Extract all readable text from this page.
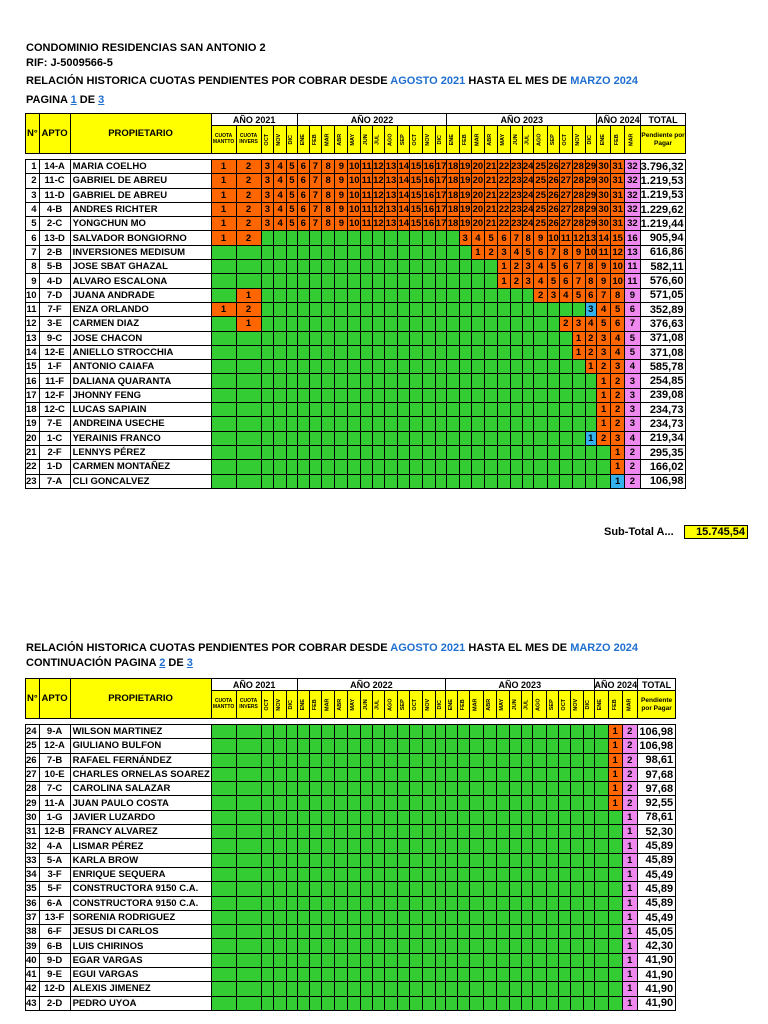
CONDOMINIO RESIDENCIAS SAN ANTONIO 2
RIF: J-5009566-5
RELACIÓN HISTORICA CUOTAS PENDIENTES POR COBRAR DESDE AGOSTO 2021 HASTA EL MES DE MARZO 2024
PAGINA 1 DE 3
N°	APTO	PROPIETARIO	AÑO 2021					AÑO 2022												AÑO 2023												AÑO 2024			TOTAL
			CUOTA MANTTO	CUOTA INVERS	OCT	NOV	DIC	ENE	FEB	MAR	ABR	MAY	JUN	JUL	AGO	SEP	OCT	NOV	DIC	ENE	FEB	MAR	ABR	MAY	JUN	JUL	AGO	SEP	OCT	NOV	DIC	ENE	FEB	MAR	Pendiente por Pagar

1	14-A	MARIA COELHO	1	2	3	4	5	6	7	8	9	10	11	12	13	14	15	16	17	18	19	20	21	22	23	24	25	26	27	28	29	30	31	32	3.796,32
2	11-C	GABRIEL DE ABREU	1	2	3	4	5	6	7	8	9	10	11	12	13	14	15	16	17	18	19	20	21	22	23	24	25	26	27	28	29	30	31	32	1.219,53
3	11-D	GABRIEL DE ABREU	1	2	3	4	5	6	7	8	9	10	11	12	13	14	15	16	17	18	19	20	21	22	23	24	25	26	27	28	29	30	31	32	1.219,53
4	4-B	ANDRES RICHTER	1	2	3	4	5	6	7	8	9	10	11	12	13	14	15	16	17	18	19	20	21	22	23	24	25	26	27	28	29	30	31	32	1.229,62
5	2-C	YONGCHUN MO	1	2	3	4	5	6	7	8	9	10	11	12	13	14	15	16	17	18	19	20	21	22	23	24	25	26	27	28	29	30	31	32	1.219,44
6	13-D	SALVADOR BONGIORNO	1	2																	3	4	5	6	7	8	9	10	11	12	13	14	15	16	905,94
7	2-B	INVERSIONES MEDISUM																				1	2	3	4	5	6	7	8	9	10	11	12	13	616,86
8	5-B	JOSE SBAT GHAZAL																						1	2	3	4	5	6	7	8	9	10	11	582,11
9	4-D	ALVARO ESCALONA																						1	2	3	4	5	6	7	8	9	10	11	576,60
10	7-D	JUANA ANDRADE		1																							2	3	4	5	6	7	8	9	571,05
11	7-F	ENZA ORLANDO	1	2																											3	4	5	6	352,89
12	3-E	CARMEN DIAZ		1																									2	3	4	5	6	7	376,63
13	9-C	JOSE CHACON																												1	2	3	4	5	371,08
14	12-E	ANIELLO STROCCHIA																												1	2	3	4	5	371,08
15	1-F	ANTONIO CAIAFA																													1	2	3	4	585,78
16	11-F	DALIANA QUARANTA																														1	2	3	254,85
17	12-F	JHONNY FENG																														1	2	3	239,08
18	12-C	LUCAS SAPIAIN																														1	2	3	234,73
19	7-E	ANDREINA USECHE																														1	2	3	234,73
20	1-C	YERAINIS FRANCO																													1	2	3	4	219,34
21	2-F	LENNYS PÉREZ																															1	2	295,35
22	1-D	CARMEN MONTAÑEZ																															1	2	166,02
23	7-A	CLI GONCALVEZ																															1	2	106,98
Sub-Total A...	15.745,54
RELACIÓN HISTORICA CUOTAS PENDIENTES POR COBRAR DESDE AGOSTO 2021 HASTA EL MES DE MARZO 2024
CONTINUACIÓN PAGINA 2 DE 3
N°	APTO	PROPIETARIO	AÑO 2021					AÑO 2022												AÑO 2023												AÑO 2024			TOTAL
			CUOTA MANTTO	CUOTA INVERS	OCT	NOV	DIC	ENE	FEB	MAR	ABR	MAY	JUN	JUL	AGO	SEP	OCT	NOV	DIC	ENE	FEB	MAR	ABR	MAY	JUN	JUL	AGO	SEP	OCT	NOV	DIC	ENE	FEB	MAR	Pendiente por Pagar

24	9-A	WILSON MARTINEZ																															1	2	106,98
25	12-A	GIULIANO BULFON																															1	2	106,98
26	7-B	RAFAEL FERNÁNDEZ																															1	2	98,61
27	10-E	CHARLES ORNELAS SOAREZ																															1	2	97,68
28	7-C	CAROLINA SALAZAR																															1	2	97,68
29	11-A	JUAN PAULO COSTA																															1	2	92,55
30	1-G	JAVIER LUZARDO																																1	78,61
31	12-B	FRANCY ALVAREZ																																1	52,30
32	4-A	LISMAR PÉREZ																																1	45,89
33	5-A	KARLA BROW																																1	45,89
34	3-F	ENRIQUE SEQUERA																																1	45,49
35	5-F	CONSTRUCTORA 9150 C.A.																																1	45,89
36	6-A	CONSTRUCTORA 9150 C.A.																																1	45,89
37	13-F	SORENIA RODRIGUEZ																																1	45,49
38	6-F	JESUS DI CARLOS																																1	45,05
39	6-B	LUIS CHIRINOS																																1	42,30
40	9-D	EGAR VARGAS																																1	41,90
41	9-E	EGUI VARGAS																																1	41,90
42	12-D	ALEXIS JIMENEZ																																1	41,90
43	2-D	PEDRO UYOA																																1	41,90
